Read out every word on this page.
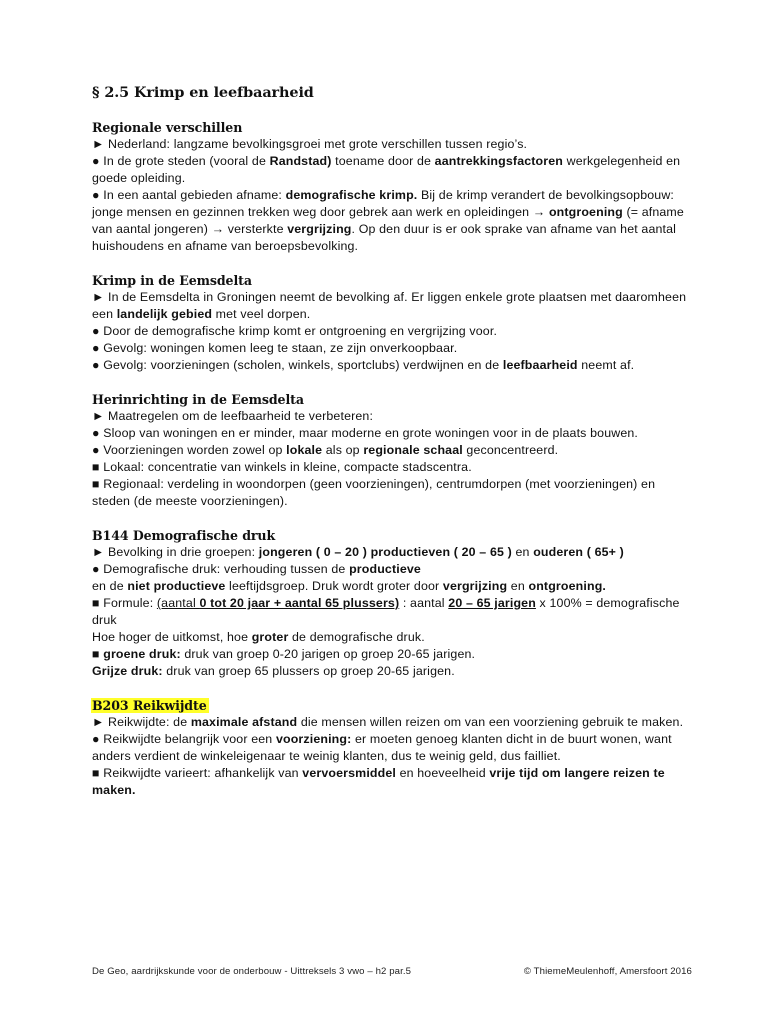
§ 2.5 Krimp en leefbaarheid
Regionale verschillen

► Nederland: langzame bevolkingsgroei met grote verschillen tussen regio’s.

● In de grote steden (vooral de Randstad) toename door de aantrekkingsfactoren werkgelegenheid en goede opleiding.

● In een aantal gebieden afname: demografische krimp. Bij de krimp verandert de bevolkingsopbouw: jonge mensen en gezinnen trekken weg door gebrek aan werk en opleidingen → ontgroening (= afname van aantal jongeren) → versterkte vergrijzing. Op den duur is er ook sprake van afname van het aantal huishoudens en afname van beroepsbevolking.

Krimp in de Eemsdelta

► In de Eemsdelta in Groningen neemt de bevolking af. Er liggen enkele grote plaatsen met daaromheen een landelijk gebied met veel dorpen.

● Door de demografische krimp komt er ontgroening en vergrijzing voor.

● Gevolg: woningen komen leeg te staan, ze zijn onverkoopbaar.

● Gevolg: voorzieningen (scholen, winkels, sportclubs) verdwijnen en de leefbaarheid neemt af.

Herinrichting in de Eemsdelta

► Maatregelen om de leefbaarheid te verbeteren:

● Sloop van woningen en er minder, maar moderne en grote woningen voor in de plaats bouwen.

● Voorzieningen worden zowel op lokale als op regionale schaal geconcentreerd.

■ Lokaal: concentratie van winkels in kleine, compacte stadscentra.

■ Regionaal: verdeling in woondorpen (geen voorzieningen), centrumdorpen (met voorzieningen) en steden (de meeste voorzieningen).

B144 Demografische druk

► Bevolking in drie groepen: jongeren ( 0 – 20 ) productieven ( 20 – 65 ) en ouderen ( 65+ )

● Demografische druk: verhouding tussen de productieve

en de niet productieve leeftijdsgroep. Druk wordt groter door vergrijzing en ontgroening.

■ Formule: (aantal 0 tot 20 jaar + aantal 65 plussers) : aantal 20 – 65 jarigen x 100% = demografische druk

Hoe hoger de uitkomst, hoe groter de demografische druk.

■ groene druk: druk van groep 0-20 jarigen op groep 20-65 jarigen.

Grijze druk: druk van groep 65 plussers op groep 20-65 jarigen.

B203 Reikwijdte

► Reikwijdte: de maximale afstand die mensen willen reizen om van een voorziening gebruik te maken.

● Reikwijdte belangrijk voor een voorziening: er moeten genoeg klanten dicht in de buurt wonen, want anders verdient de winkeleigenaar te weinig klanten, dus te weinig geld, dus failliet.

■ Reikwijdte varieert: afhankelijk van vervoersmiddel en hoeveelheid vrije tijd om langere reizen te maken.

De Geo, aardrijkskunde voor de onderbouw - Uittreksels 3 vwo – h2 par.5	© ThiemeMeulenhoff, Amersfoort 2016
